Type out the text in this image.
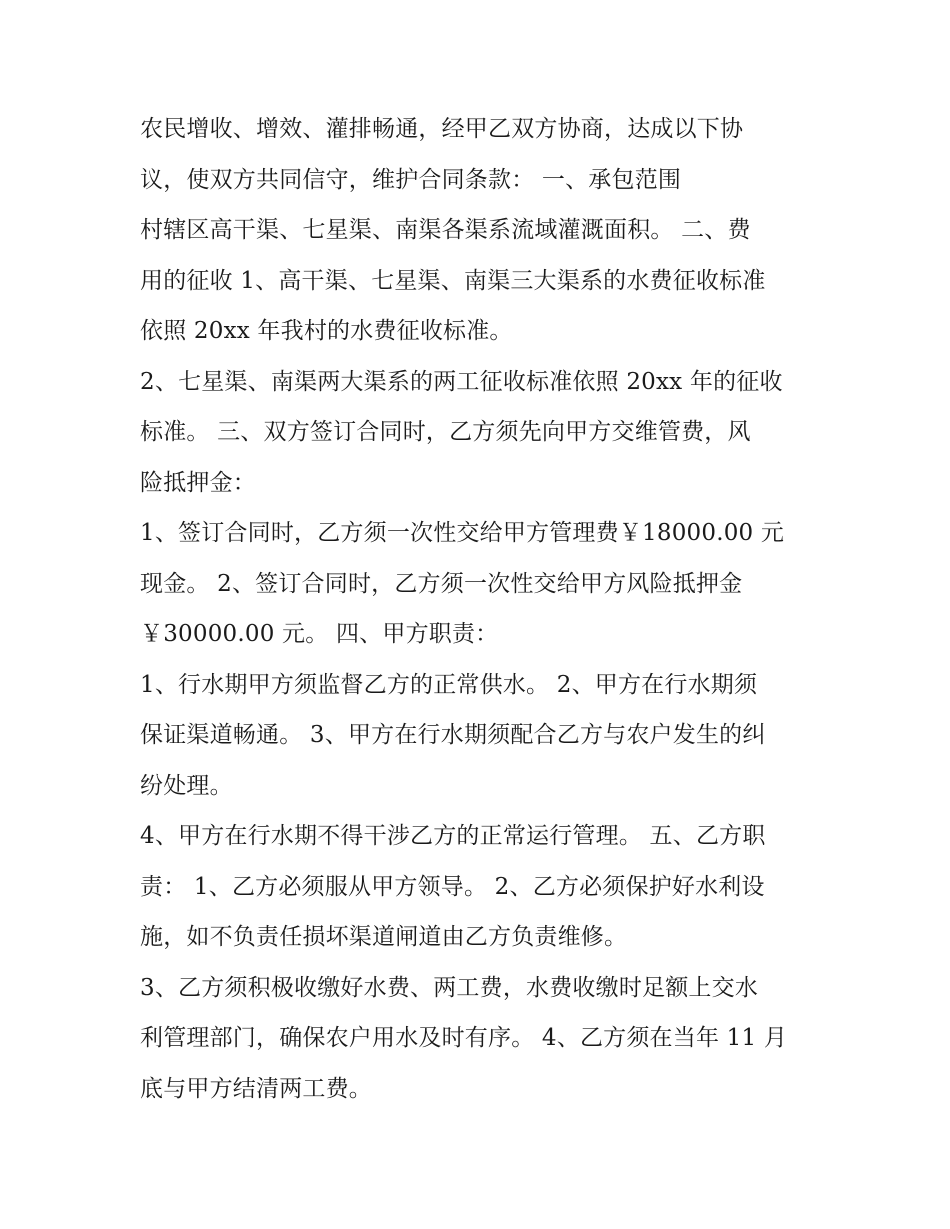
农民增收、增效、灌排畅通，经甲乙双方协商，达成以下协
议，使双方共同信守，维护合同条款： 一、承包范围
村辖区高干渠、七星渠、南渠各渠系流域灌溉面积。 二、费
用的征收 1、高干渠、七星渠、南渠三大渠系的水费征收标准
依照 20xx 年我村的水费征收标准。
2、七星渠、南渠两大渠系的两工征收标准依照 20xx 年的征收
标准。 三、双方签订合同时，乙方须先向甲方交维管费，风
险抵押金：
1、签订合同时，乙方须一次性交给甲方管理费￥18000.00 元
现金。 2、签订合同时，乙方须一次性交给甲方风险抵押金
￥30000.00 元。 四、甲方职责：
1、行水期甲方须监督乙方的正常供水。 2、甲方在行水期须
保证渠道畅通。 3、甲方在行水期须配合乙方与农户发生的纠
纷处理。
4、甲方在行水期不得干涉乙方的正常运行管理。 五、乙方职
责： 1、乙方必须服从甲方领导。 2、乙方必须保护好水利设
施，如不负责任损坏渠道闸道由乙方负责维修。
3、乙方须积极收缴好水费、两工费，水费收缴时足额上交水
利管理部门，确保农户用水及时有序。 4、乙方须在当年 11 月
底与甲方结清两工费。
